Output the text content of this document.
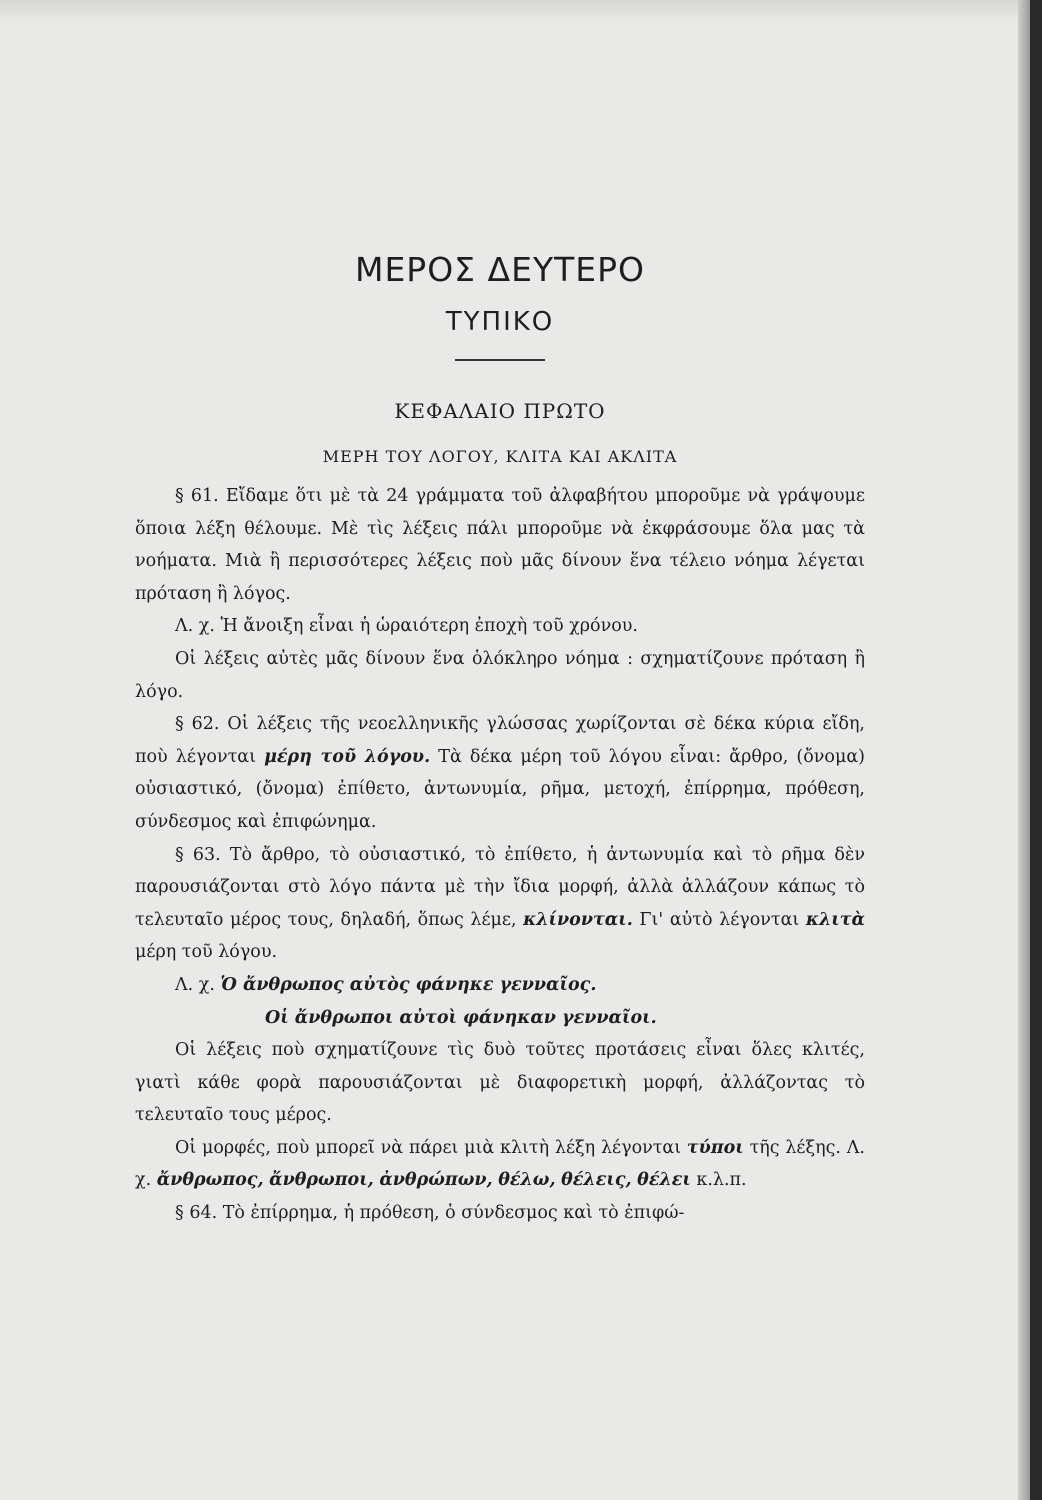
ΜΕΡΟΣ ΔΕΥΤΕΡΟ
ΤΥΠΙΚΟ
ΚΕΦΑΛΑΙΟ ΠΡΩΤΟ
ΜΕΡΗ ΤΟΥ ΛΟΓΟΥ, ΚΛΙΤΑ ΚΑΙ ΑΚΛΙΤΑ

§ 61. Εἴδαμε ὅτι μὲ τὰ 24 γράμματα τοῦ ἀλφαβήτου μποροῦμε νὰ γράψουμε ὅποια λέξη θέλουμε. Μὲ τὶς λέξεις πάλι μποροῦμε νὰ ἐκφράσουμε ὅλα μας τὰ νοήματα. Μιὰ ἢ περισσότερες λέξεις ποὺ μᾶς δίνουν ἕνα τέλειο νόημα λέγεται πρόταση ἢ λόγος.

Λ. χ. Ἡ ἄνοιξη εἶναι ἡ ὡραιότερη ἐποχὴ τοῦ χρόνου.

Οἱ λέξεις αὐτὲς μᾶς δίνουν ἕνα ὁλόκληρο νόημα : σχηματίζουνε πρόταση ἢ λόγο.

§ 62. Οἱ λέξεις τῆς νεοελληνικῆς γλώσσας χωρίζονται σὲ δέκα κύρια εἴδη, ποὺ λέγονται μέρη τοῦ λόγου. Τὰ δέκα μέρη τοῦ λόγου εἶναι: ἄρθρο, (ὄνομα) οὐσιαστικό, (ὄνομα) ἐπίθετο, ἀντωνυμία, ρῆμα, μετοχή, ἐπίρρημα, πρόθεση, σύνδεσμος καὶ ἐπιφώνημα.

§ 63. Τὸ ἄρθρο, τὸ οὐσιαστικό, τὸ ἐπίθετο, ἡ ἀντωνυμία καὶ τὸ ρῆμα δὲν παρουσιάζονται στὸ λόγο πάντα μὲ τὴν ἴδια μορφή, ἀλλὰ ἀλλάζουν κάπως τὸ τελευταῖο μέρος τους, δηλαδή, ὅπως λέμε, κλίνονται. Γι' αὐτὸ λέγονται κλιτὰ μέρη τοῦ λόγου.

Λ. χ. Ὁ ἄνθρωπος αὐτὸς φάνηκε γενναῖος.

Οἱ ἄνθρωποι αὐτοὶ φάνηκαν γενναῖοι.

Οἱ λέξεις ποὺ σχηματίζουνε τὶς δυὸ τοῦτες προτάσεις εἶναι ὅλες κλιτές, γιατὶ κάθε φορὰ παρουσιάζονται μὲ διαφορετικὴ μορφή, ἀλλάζοντας τὸ τελευταῖο τους μέρος.

Οἱ μορφές, ποὺ μπορεῖ νὰ πάρει μιὰ κλιτὴ λέξη λέγονται τύποι τῆς λέξης. Λ. χ. ἄνθρωπος, ἄνθρωποι, ἀνθρώπων, θέλω, θέλεις, θέλει κ.λ.π.

§ 64. Τὸ ἐπίρρημα, ἡ πρόθεση, ὁ σύνδεσμος καὶ τὸ ἐπιφώ-
